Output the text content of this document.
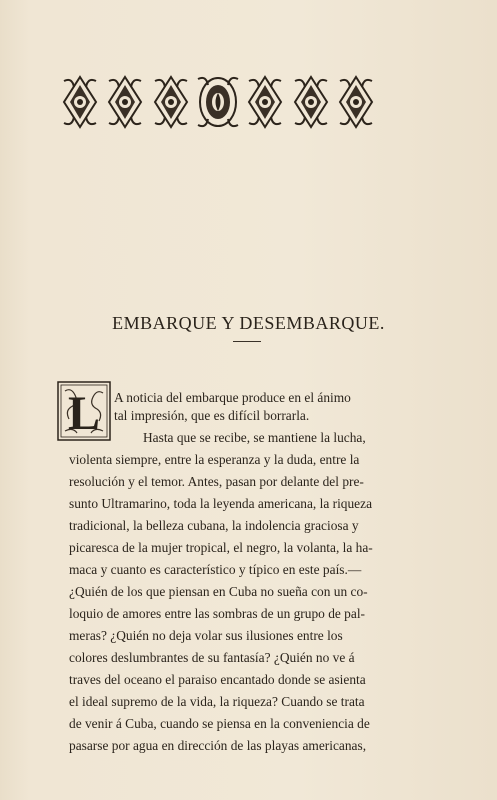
EMBARQUE Y DESEMBARQUE.
L A noticia del embarque produce en el ánimo
tal impresión, que es difícil borrarla.
Hasta que se recibe, se mantiene la lucha,
violenta siempre, entre la esperanza y la duda, entre la
resolución y el temor. Antes, pasan por delante del pre-
sunto Ultramarino, toda la leyenda americana, la riqueza
tradicional, la belleza cubana, la indolencia graciosa y
picaresca de la mujer tropical, el negro, la volanta, la ha-
maca y cuanto es característico y típico en este país.—
¿Quién de los que piensan en Cuba no sueña con un co-
loquio de amores entre las sombras de un grupo de pal-
meras? ¿Quién no deja volar sus ilusiones entre los
colores deslumbrantes de su fantasía? ¿Quién no ve á
traves del oceano el paraiso encantado donde se asienta
el ideal supremo de la vida, la riqueza? Cuando se trata
de venir á Cuba, cuando se piensa en la conveniencia de
pasarse por agua en dirección de las playas americanas,
